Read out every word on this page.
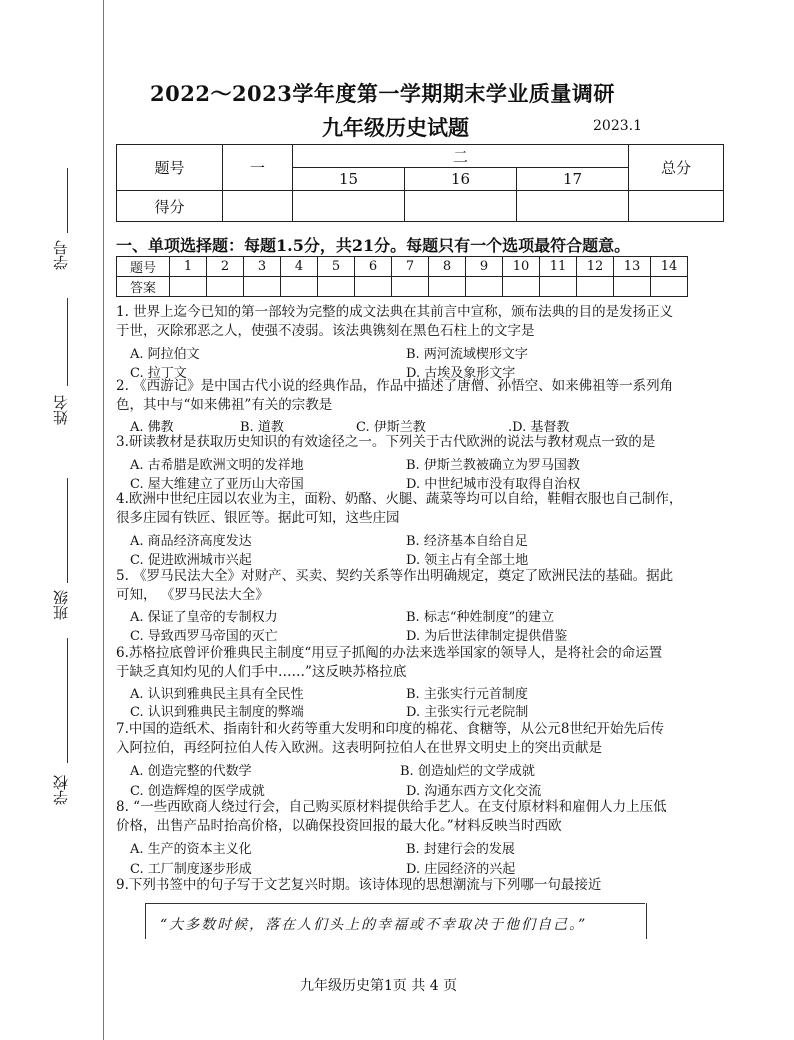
学号
姓名
班级
学校
2022～2023学年度第一学期期末学业质量调研
九年级历史试题	2023.1
题号	一	二			总分
		15	16	17	
得分					
一、单项选择题：每题1.5分，共21分。每题只有一个选项最符合题意。
题号	1	2	3	4	5	6	7	8	9	10	11	12	13	14
答案														
1. 世界上迄今已知的第一部较为完整的成文法典在其前言中宣称，颁布法典的目的是发扬正义
于世，灭除邪恶之人，使强不凌弱。该法典镌刻在黑色石柱上的文字是
A. 阿拉伯文	B. 两河流域楔形文字
C. 拉丁文	D. 古埃及象形文字
2. 《西游记》是中国古代小说的经典作品，作品中描述了唐僧、孙悟空、如来佛祖等一系列角
色，其中与“如来佛祖”有关的宗教是
A. 佛教	B. 道教	C. 伊斯兰教	.D. 基督教
3.研读教材是获取历史知识的有效途径之一。下列关于古代欧洲的说法与教材观点一致的是
A. 古希腊是欧洲文明的发祥地	B. 伊斯兰教被确立为罗马国教
C. 屋大维建立了亚历山大帝国	D. 中世纪城市没有取得自治权
4.欧洲中世纪庄园以农业为主，面粉、奶酪、火腿、蔬菜等均可以自给，鞋帽衣服也自己制作，
很多庄园有铁匠、银匠等。据此可知，这些庄园
A. 商品经济高度发达	B. 经济基本自给自足
C. 促进欧洲城市兴起	D. 领主占有全部土地
5. 《罗马民法大全》对财产、买卖、契约关系等作出明确规定，奠定了欧洲民法的基础。据此
可知， 《罗马民法大全》
A. 保证了皇帝的专制权力	B. 标志“种姓制度”的建立
C. 导致西罗马帝国的灭亡	D. 为后世法律制定提供借鉴
6.苏格拉底曾评价雅典民主制度“用豆子抓阄的办法来选举国家的领导人，是将社会的命运置
于缺乏真知灼见的人们手中……”这反映苏格拉底
A. 认识到雅典民主具有全民性	B. 主张实行元首制度
C. 认识到雅典民主制度的弊端	D. 主张实行元老院制
7.中国的造纸术、指南针和火药等重大发明和印度的棉花、食糖等，从公元8世纪开始先后传
入阿拉伯，再经阿拉伯人传入欧洲。这表明阿拉伯人在世界文明史上的突出贡献是
A. 创造完整的代数学	B. 创造灿烂的文学成就
C. 创造辉煌的医学成就	D. 沟通东西方文化交流
8. “一些西欧商人绕过行会，自己购买原材料提供给手艺人。在支付原材料和雇佣人力上压低
价格，出售产品时抬高价格，以确保投资回报的最大化。”材料反映当时西欧
A. 生产的资本主义化	B. 封建行会的发展
C. 工厂制度逐步形成	D. 庄园经济的兴起
9.下列书签中的句子写于文艺复兴时期。该诗体现的思想潮流与下列哪一句最接近
“大多数时候，落在人们头上的幸福或不幸取决于他们自己。”
九年级历史第1页 共 4 页
